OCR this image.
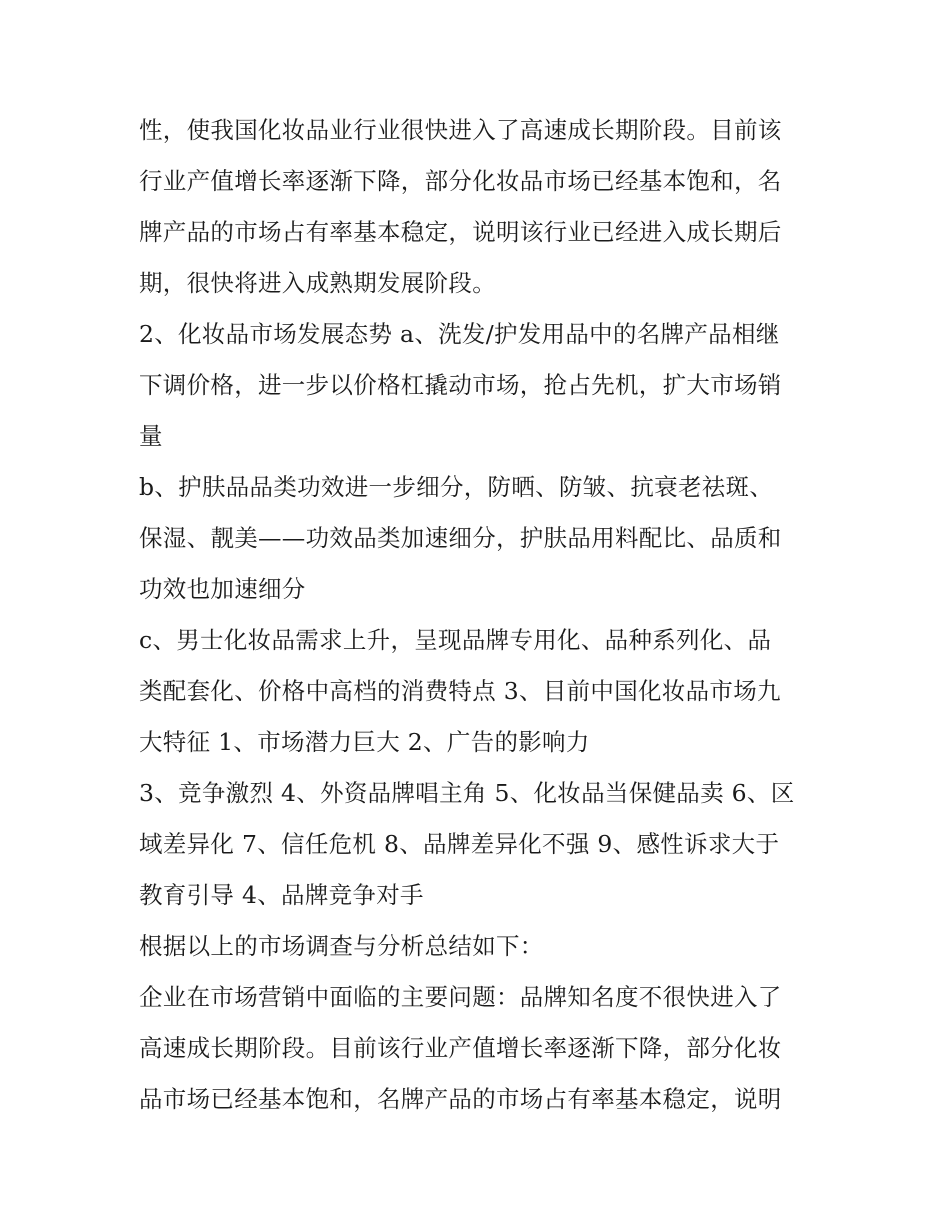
性，使我国化妆品业行业很快进入了高速成长期阶段。目前该
行业产值增长率逐渐下降，部分化妆品市场已经基本饱和，名
牌产品的市场占有率基本稳定，说明该行业已经进入成长期后
期，很快将进入成熟期发展阶段。

2、化妆品市场发展态势 a、洗发/护发用品中的名牌产品相继
下调价格，进一步以价格杠撬动市场，抢占先机，扩大市场销
量

b、护肤品品类功效进一步细分，防晒、防皱、抗衰老祛斑、
保湿、靓美——功效品类加速细分，护肤品用料配比、品质和
功效也加速细分

c、男士化妆品需求上升，呈现品牌专用化、品种系列化、品
类配套化、价格中高档的消费特点 3、目前中国化妆品市场九
大特征 1、市场潜力巨大 2、广告的影响力

3、竞争激烈 4、外资品牌唱主角 5、化妆品当保健品卖 6、区
域差异化 7、信任危机 8、品牌差异化不强 9、感性诉求大于
教育引导 4、品牌竞争对手

根据以上的市场调查与分析总结如下：

企业在市场营销中面临的主要问题：品牌知名度不很快进入了
高速成长期阶段。目前该行业产值增长率逐渐下降，部分化妆
品市场已经基本饱和，名牌产品的市场占有率基本稳定，说明
